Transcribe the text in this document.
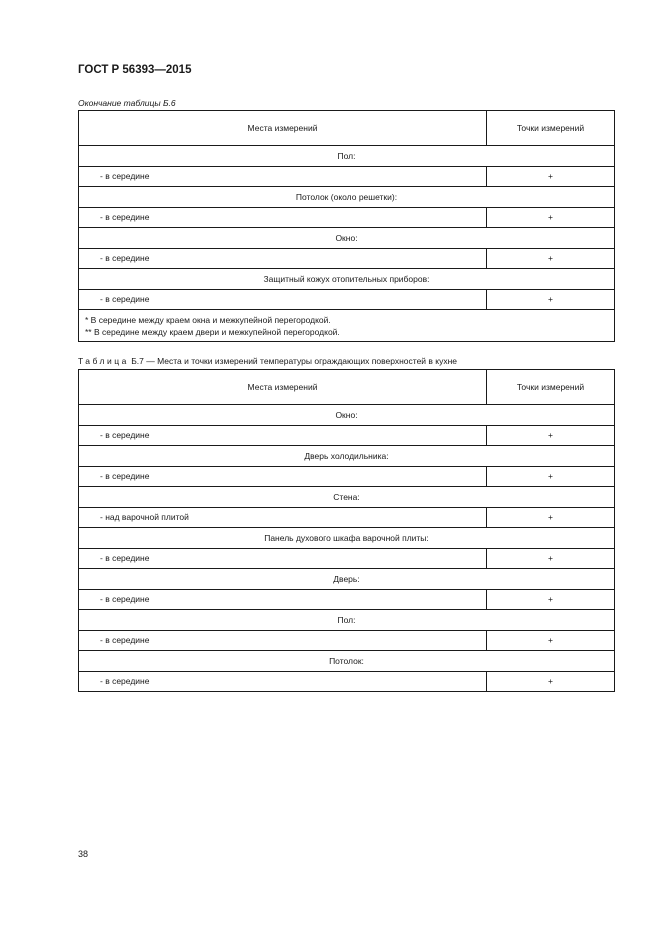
ГОСТ Р 56393—2015
Окончание таблицы Б.6
Места измерений	Точки измерений
Пол:	
- в середине	+
Потолок (около решетки):	
- в середине	+
Окно:	
- в середине	+
Защитный кожух отопительных приборов:	
- в середине	+

* В середине между краем окна и межкупейной перегородкой.
** В середине между краем двери и межкупейной перегородкой.	
Таблица Б.7 — Места и точки измерений температуры ограждающих поверхностей в кухне
Места измерений	Точки измерений
Окно:	
- в середине	+
Дверь холодильника:	
- в середине	+
Стена:	
- над варочной плитой	+
Панель духового шкафа варочной плиты:	
- в середине	+
Дверь:	
- в середине	+
Пол:	
- в середине	+
Потолок:	
- в середине	+
38
